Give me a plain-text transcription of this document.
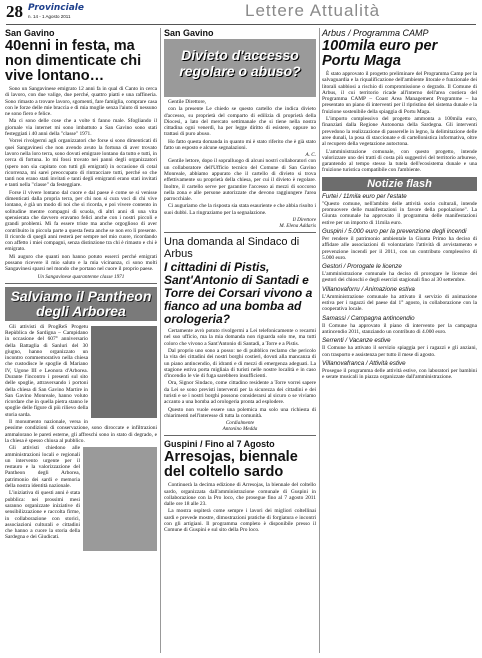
28 Provinciale
n. 14 - 1 Agosto 2011	Lettere Attualità
San Gavino
40enni in festa, ma non dimenticate chi vive lontano…

Sono un Sangavinese emigrato 12 anni fa in qual di Canto in cerca di lavoro, con due valige, due perché, quattro piatti e una raffineria. Sono rimasto a trovare lavoro, sgomenti, fare famiglia, comprare casa con le forze delle mie braccia e di mia moglie senza l'aiuto di nessuno ne sono fiero e felice.

Ma ci sono delle cose che a volte ti fanno male. Sfogliando il giornale via internet mi sono imbattuto a San Gavino sono stati festeggiati i 40 anni della "classe" 1971.

Vorrei rivolgermi agli organizzatori che forse si sono dimenticati di quei Sangavinesi che non avendo avuto la fortuna di aver trovato lavoro nella loro terra, sono dovuti emigrare lontano da tutto e tutti, in cerca di fortuna. Io mi fossi trovato nei panni degli organizzatori (spero non sia capitato con tutti gli emigrati) in occasione di cotal ricorrenza, mi sarei preoccupato di rintracciare tutti, perché so che tanti non erano stati invitati e tanti degli emigranti erano stati invitati e tanti nella "classe" da festeggiare.

Forse il vivere lontano dal cuore e dal paese è come se si venisse dimenticati dalla propria terra, per chi non si cura voci di chi vive lontano, è già un modo di noi che si ricorda, e poi vivere contento in solitudine mentre compagni di scuola, di altri anni di una vita spensierata che davvero eravamo felici anche con i nostri piccoli e grandi problemi. Mi fa essere triste ma anche orgoglioso di aver contribuito in piccola parte a questa festa anche se non ero lì presente. Il ricordo di quegli anni resterà per sempre nel mio cuore, ricordando con affetto i miei compagni, senza distinzione tra chi è rimasto e chi è emigrato.

Mi auguro che quanti non hanno potuto esserci perché emigrati possano ricevere il mio saluto e la mia vicinanza, ci sono molti Sangavinesi sparsi nel mondo che portano nel cuore il proprio paese.

Un Sangavinese quarantenne classe 1971
Salviamo il Pantheon degli Arborea

Gli attivisti di ProgReS Progetu Repùblica de Sardigna – Campidano in occasione del 607° anniversario della Battaglia di Sanluri del 30 giugno, hanno organizzato un incontro commemorativo nella chiesa che custodisce le spoglie di Mariano IV, Ugone III e Leonora d'Arborea. Durante l'incontro i presenti sul sito delle spoglie, attraversando i portoni della chiesa di San Gavino Martire in San Gavino Monreale, hanno voluto ricordare che in quella pietra stanno le spoglie delle figure di più rilievo della storia sarda.

Il monumento nazionale, versa in pessime condizioni di conservazione, sono diroccate e infiltrazioni ammalorano le pareti esterne, gli affreschi sono in stato di degrado, e la chiesa è spesso chiusa al pubblico.

Gli attivisti chiedono alle amministrazioni locali e regionali un intervento urgente per il restauro e la valorizzazione del Pantheon degli Arborea, patrimonio dei sardi e memoria della nostra identità nazionale.

L'iniziativa di questi anni è stata pubblica: nei prossimi mesi saranno organizzate iniziative di sensibilizzazione e raccolta firme, in collaborazione con storici, associazioni culturali e cittadini che hanno a cuore la storia della Sardegna e dei Giudicati.

San Gavino
Divieto d'accesso regolare o abuso?

Gentile Direttore,

con la presente Le chiedo se questo cartello che indica divieto d'accesso, su proprietà del comparto di edilizia di proprietà della Diocesi, a lato del mercato settimanale che si tiene nella nostra cittadina ogni venerdì, ha per legge diritto di esistere, oppure no trattasi di puro abuso.

Ho fatto questa domanda in quanto mi è stato riferito che è già stato fatto un esposto e alcune segnalazioni.

A. C.

Gentile lettore, dopo il sopralluogo di alcuni nostri collaboratori con un collaboratore dell'Ufficio tecnico del Comune di San Gavino Monreale, abbiamo appurato che il cartello di divieto si trova effettivamente su proprietà della chiesa, per cui il divieto è regolare. Inoltre, il cartello serve per garantire l'accesso ai mezzi di soccorso nella zona e alle persone autorizzate che devono raggiungere l'area parrocchiale.

Ci auguriamo che la risposta sia stata esauriente e che abbia risolto i suoi dubbi. La ringraziamo per la segnalazione.

Il Direttore
M. Elena Addaris
Una domanda al Sindaco di Arbus
I cittadini di Pistis, Sant'Antonio di Santadi e Torre dei Corsari vivono a fianco ad una bomba ad orologeria?

Certamente avrò potuto rivolgermi a Lei telefonicamente o recarmi nel suo ufficio, ma la mia domanda non riguarda solo me, ma tutti coloro che vivono a Sant'Antonio di Santadi, a Torre e a Pistis.

Dal proprio uno sono a posso: ne di pubblico reclamo che pericolo la vita dei cittadini dei nostri borghi costieri, dovuti alla mancanza di un piano antincendio, di idranti e di mezzi di emergenza adeguati. La stagione estiva porta migliaia di turisti nelle nostre località e in caso d'incendio le vie di fuga sarebbero insufficienti.

Ora, Signor Sindaco, come cittadino residente a Torre vorrei sapere da Lei se sono previsti interventi per la sicurezza dei cittadini e dei turisti e se i nostri borghi possono considerarsi al sicuro o se viviamo accanto a una bomba ad orologeria pronta ad esplodere.

Questo non vuole essere una polemica ma solo una richiesta di chiarimenti nell'interesse di tutta la comunità.

Cordialmente
Antonino Medda
Guspini / Fino al 7 Agosto
Arresojas, biennale del coltello sardo

Continuerà la decima edizione di Arresojas, la biennale del coltello sardo, organizzata dall'amministrazione comunale di Guspini in collaborazione con la Pro loco, che prosegue fino al 7 agosto 2011 dalle ore 18 alle 23.

La mostra ospiterà come sempre i lavori dei migliori coltellinai sardi e prevede mostre, dimostrazioni pratiche di forgiatura e incontri con gli artigiani. Il programma completo è disponibile presso il Comune di Guspini e sul sito della Pro loco.

Arbus / Programma CAMP
100mila euro per Portu Maga

È stato approvato il progetto preliminare del Programma Camp per la salvaguardia e la riqualificazione dell'ambiente litorale e funzionale dei litorali sabbiosi a rischio di compromissione o degrado. Il Comune di Arbus, il cui territorio ricade all'interno dell'area costiera del Programma CAMP – Coast Area Management Programme – ha presentato un piano di interventi per il ripristino del sistema dunale e la fruizione sostenibile della spiaggia di Portu Maga.

L'importo complessivo del progetto ammonta a 100mila euro, finanziati dalla Regione Autonoma della Sardegna. Gli interventi prevedono la realizzazione di passerelle in legno, la delimitazione delle aree dunali, la posa di staccionate e di cartellonistica informativa, oltre al recupero della vegetazione autoctona.

L'amministrazione comunale, con questo progetto, intende valorizzare uno dei tratti di costa più suggestivi del territorio arburese, garantendo al tempo stesso la tutela dell'ecosistema dunale e una fruizione turistica compatibile con l'ambiente.

Notizie flash
Furtei / 11mila euro per l'estate
"Questo comune, nell'ambito delle attività socio culturali, intende promuovere delle manifestazioni in favore della popolazione". La Giunta comunale ha approvato il programma delle manifestazioni estive per un importo di 11mila euro.
Guspini / 5.000 euro per la prevenzione degli incendi
Per rendere il patrimonio ambientale la Giunta Primo ha deciso di affidare alle associazioni di volontariato l'attività di avvistamento e prevenzione incendi per il 2011, con un contributo complessivo di 5.000 euro.
Gestori / Prorogate le licenze
L'amministrazione comunale ha deciso di prorogare le licenze dei gestori dei chioschi e degli esercizi stagionali fino al 30 settembre.
Villanovaforru / Animazione estiva
L'Amministrazione comunale ha attivato il servizio di animazione estiva per i ragazzi del paese dal 1° agosto, in collaborazione con la cooperativa locale.
Samassi / Campagna antincendio
Il Comune ha approvato il piano di intervento per la campagna antincendio 2011, stanziando un contributo di 4.000 euro.
Serrenti / Vacanze estive
Il Comune ha attivato il servizio spiaggia per i ragazzi e gli anziani, con trasporto e assistenza per tutto il mese di agosto.
Villanovafranca / Attività estive
Prosegue il programma delle attività estive, con laboratori per bambini e serate musicali in piazza organizzate dall'amministrazione.
